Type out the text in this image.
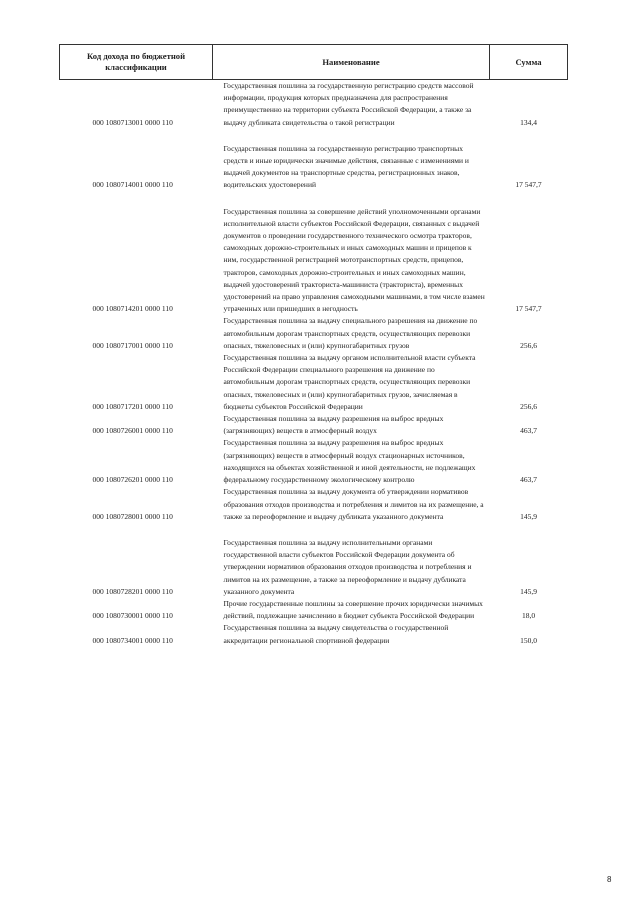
Код дохода по бюджетной классификации	Наименование	Сумма
000 1080713001 0000 110	Государственная пошлина за государственную регистрацию средств массовой информации, продукция которых предназначена для распространения преимущественно на территории субъекта Российской Федерации, а также за выдачу дубликата свидетельства о такой регистрации	134,4
000 1080714001 0000 110	Государственная пошлина за государственную регистрацию транспортных средств и иные юридически значимые действия, связанные с изменениями и выдачей документов на транспортные средства, регистрационных знаков, водительских удостоверений	17 547,7
000 1080714201 0000 110	Государственная пошлина за совершение действий уполномоченными органами исполнительной власти субъектов Российской Федерации, связанных с выдачей документов о проведении государственного технического осмотра тракторов, самоходных дорожно-строительных и иных самоходных машин и прицепов к ним, государственной регистрацией мототранспортных средств, прицепов, тракторов, самоходных дорожно-строительных и иных самоходных машин, выдачей удостоверений тракториста-машиниста (тракториста), временных удостоверений на право управления самоходными машинами, в том числе взамен утраченных или пришедших в негодность	17 547,7
000 1080717001 0000 110	Государственная пошлина за выдачу специального разрешения на движение по автомобильным дорогам транспортных средств, осуществляющих перевозки опасных, тяжеловесных и (или) крупногабаритных грузов	256,6
000 1080717201 0000 110	Государственная пошлина за выдачу органом исполнительной власти субъекта Российской Федерации специального разрешения на движение по автомобильным дорогам транспортных средств, осуществляющих перевозки опасных, тяжеловесных и (или) крупногабаритных грузов, зачисляемая в бюджеты субъектов Российской Федерации	256,6
000 1080726001 0000 110	Государственная пошлина за выдачу разрешения на выброс вредных (загрязняющих) веществ в атмосферный воздух	463,7
000 1080726201 0000 110	Государственная пошлина за выдачу разрешения на выброс вредных (загрязняющих) веществ в атмосферный воздух стационарных источников, находящихся на объектах хозяйственной и иной деятельности, не подлежащих федеральному государственному экологическому контролю	463,7
000 1080728001 0000 110	Государственная пошлина за выдачу документа об утверждении нормативов образования отходов производства и потребления и лимитов на их размещение, а также за переоформление и выдачу дубликата указанного документа	145,9
000 1080728201 0000 110	Государственная пошлина за выдачу исполнительными органами государственной власти субъектов Российской Федерации документа об утверждении нормативов образования отходов производства и потребления и лимитов на их размещение, а также за переоформление и выдачу дубликата указанного документа	145,9
000 1080730001 0000 110	Прочие государственные пошлины за совершение прочих юридически значимых действий, подлежащие зачислению в бюджет субъекта Российской Федерации	18,0
000 1080734001 0000 110	Государственная пошлина за выдачу свидетельства о государственной аккредитации региональной спортивной федерации	150,0
8
